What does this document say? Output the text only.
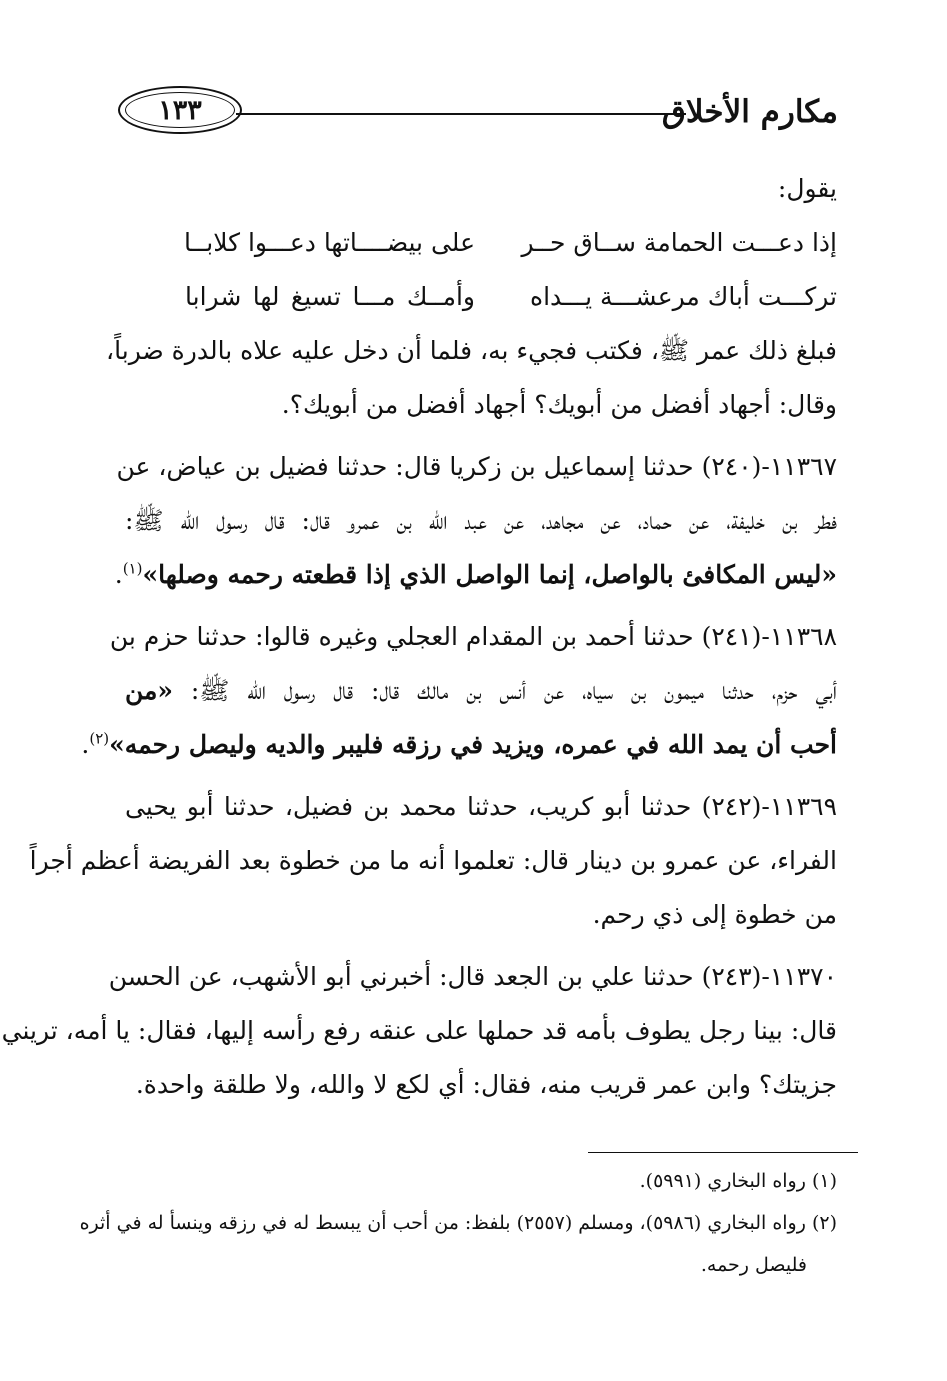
مكارم الأخلاق
١٣٣
يقول:
إذا دعـــت الحمامة ســاق حــر
على بيضــــاتها دعـــوا كلابــا
تركـــت أباك مرعشـــة يـــداه
وأمــك مـــا تسيغ لها شرابا
فبلغ ذلك عمر ﷺ، فكتب فجيء به، فلما أن دخل عليه علاه بالدرة ضرباً،
وقال: أجهاد أفضل من أبويك؟ أجهاد أفضل من أبويك؟.
١١٣٦٧-(٢٤٠) حدثنا إسماعيل بن زكريا قال: حدثنا فضيل بن عياض، عن
فطر بن خليفة، عن حماد، عن مجاهد، عن عبد الله بن عمرو قال: قال رسول الله ﷺ:
«ليس المكافئ بالواصل، إنما الواصل الذي إذا قطعته رحمه وصلها»$^{(١)}$.
١١٣٦٨-(٢٤١) حدثنا أحمد بن المقدام العجلي وغيره قالوا: حدثنا حزم بن
أبي حزم، حدثنا ميمون بن سياه، عن أنس بن مالك قال: قال رسول الله ﷺ: «من
أحب أن يمد الله في عمره، ويزيد في رزقه فليبر والديه وليصل رحمه»$^{(٢)}$.
١١٣٦٩-(٢٤٢) حدثنا أبو كريب، حدثنا محمد بن فضيل، حدثنا أبو يحيى
الفراء، عن عمرو بن دينار قال: تعلموا أنه ما من خطوة بعد الفريضة أعظم أجراً
من خطوة إلى ذي رحم.
١١٣٧٠-(٢٤٣) حدثنا علي بن الجعد قال: أخبرني أبو الأشهب، عن الحسن
قال: بينا رجل يطوف بأمه قد حملها على عنقه رفع رأسه إليها، فقال: يا أمه، تريني
جزيتك؟ وابن عمر قريب منه، فقال: أي لكع لا والله، ولا طلقة واحدة.
(١) رواه البخاري (٥٩٩١).
(٢) رواه البخاري (٥٩٨٦)، ومسلم (٢٥٥٧) بلفظ: من أحب أن يبسط له في رزقه وينسأ له في أثره
فليصل رحمه.
